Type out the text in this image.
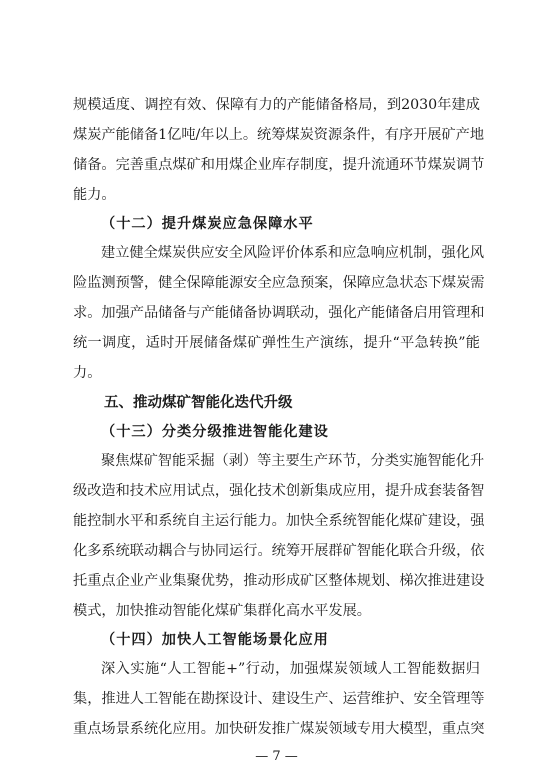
规模适度、调控有效、保障有力的产能储备格局，到2030年建成
煤炭产能储备1亿吨/年以上。统筹煤炭资源条件，有序开展矿产地
储备。完善重点煤矿和用煤企业库存制度，提升流通环节煤炭调节
能力。
（十二）提升煤炭应急保障水平
建立健全煤炭供应安全风险评价体系和应急响应机制，强化风
险监测预警，健全保障能源安全应急预案，保障应急状态下煤炭需
求。加强产品储备与产能储备协调联动，强化产能储备启用管理和
统一调度，适时开展储备煤矿弹性生产演练，提升“平急转换”能
力。
五、推动煤矿智能化迭代升级
（十三）分类分级推进智能化建设
聚焦煤矿智能采掘（剥）等主要生产环节，分类实施智能化升
级改造和技术应用试点，强化技术创新集成应用，提升成套装备智
能控制水平和系统自主运行能力。加快全系统智能化煤矿建设，强
化多系统联动耦合与协同运行。统筹开展群矿智能化联合升级，依
托重点企业产业集聚优势，推动形成矿区整体规划、梯次推进建设
模式，加快推动智能化煤矿集群化高水平发展。
（十四）加快人工智能场景化应用
深入实施“人工智能+”行动，加强煤炭领域人工智能数据归
集，推进人工智能在勘探设计、建设生产、运营维护、安全管理等
重点场景系统化应用。加快研发推广煤炭领域专用大模型，重点突
— 7 —
